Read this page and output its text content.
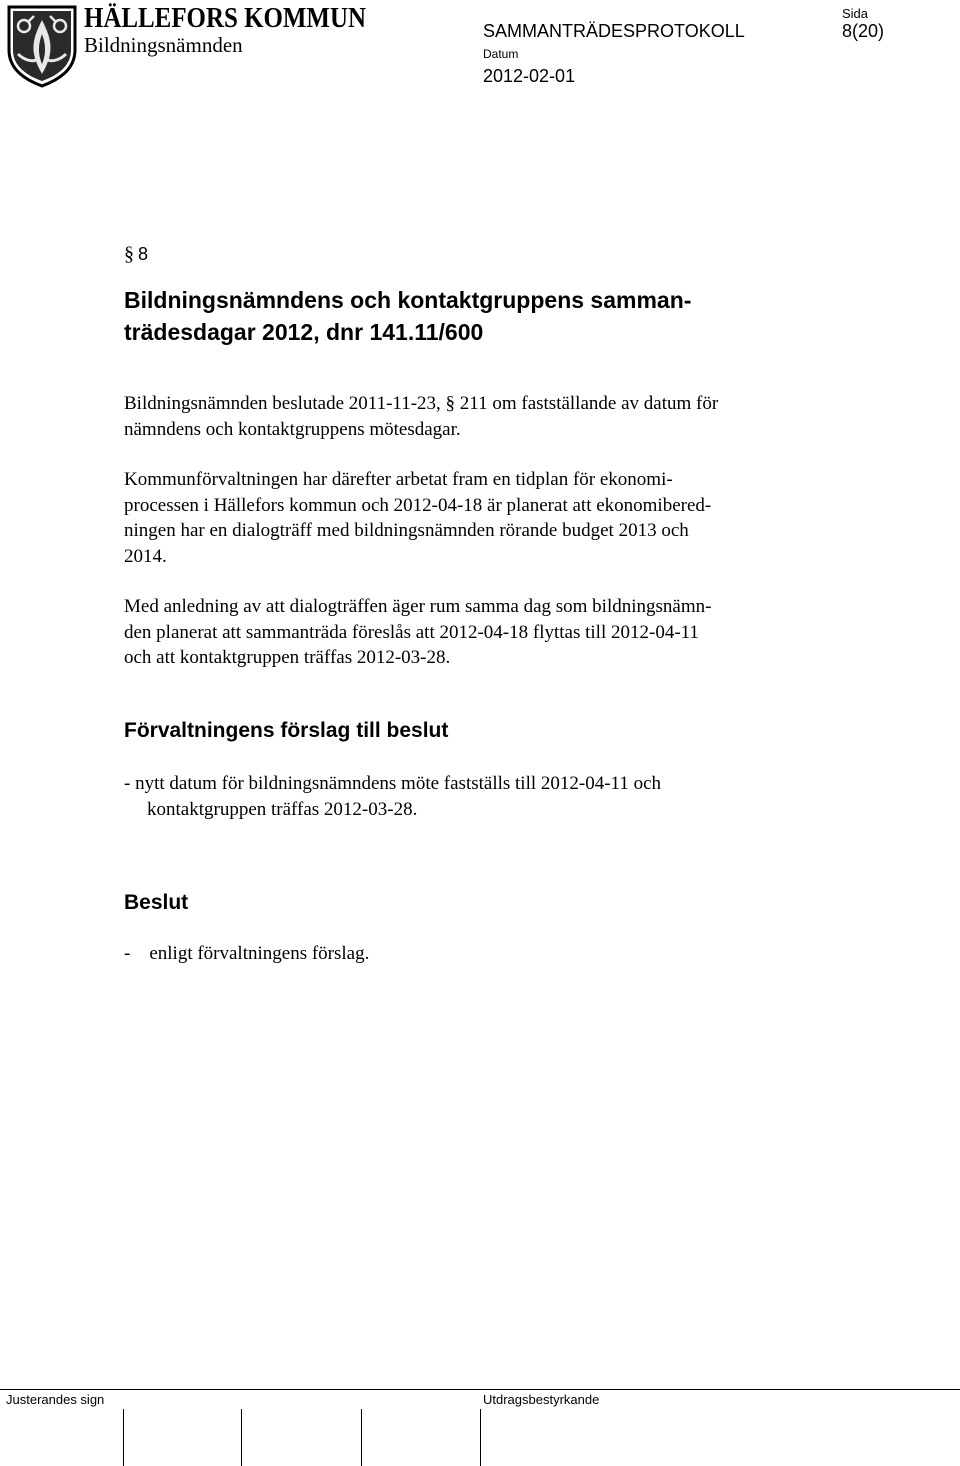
HÄLLEFORS KOMMUN
Bildningsnämnden
SAMMANTRÄDESPROTOKOLL
Datum
2012-02-01
Sida
8(20)
§ 8
Bildningsnämndens och kontaktgruppens samman-
trädesdagar 2012, dnr 141.11/600
Bildningsnämnden beslutade 2011-11-23, § 211 om fastställande av datum för
nämndens och kontaktgruppens mötesdagar.
Kommunförvaltningen har därefter arbetat fram en tidplan för ekonomi-
processen i Hällefors kommun och 2012-04-18 är planerat att ekonomibered-
ningen har en dialogträff med bildningsnämnden rörande budget 2013 och
2014.
Med anledning av att dialogträffen äger rum samma dag som bildningsnämn-
den planerat att sammanträda föreslås att 2012-04-18 flyttas till 2012-04-11
och att kontaktgruppen träffas 2012-03-28.
Förvaltningens förslag till beslut
- nytt datum för bildningsnämndens möte fastställs till 2012-04-11 och
kontaktgruppen träffas 2012-03-28.
Beslut
-    enligt förvaltningens förslag.
Justerandes sign	Utdragsbestyrkande
